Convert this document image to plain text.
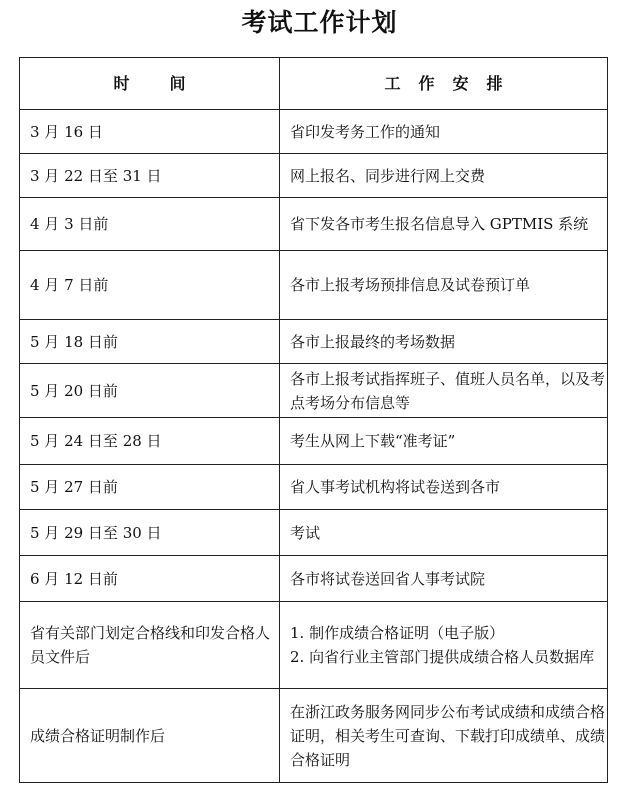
考试工作计划
时 间	工 作 安 排
3 月 16 日	省印发考务工作的通知
3 月 22 日至 31 日	网上报名、同步进行网上交费
4 月 3 日前	省下发各市考生报名信息导入 GPTMIS 系统
4 月 7 日前	各市上报考场预排信息及试卷预订单
5 月 18 日前	各市上报最终的考场数据
5 月 20 日前	各市上报考试指挥班子、值班人员名单，以及考点考场分布信息等
5 月 24 日至 28 日	考生从网上下载“准考证”
5 月 27 日前	省人事考试机构将试卷送到各市
5 月 29 日至 30 日	考试
6 月 12 日前	各市将试卷送回省人事考试院
省有关部门划定合格线和印发合格人员文件后	1. 制作成绩合格证明（电子版）
2. 向省行业主管部门提供成绩合格人员数据库

成绩合格证明制作后	在浙江政务服务网同步公布考试成绩和成绩合格证明，相关考生可查询、下载打印成绩单、成绩合格证明
